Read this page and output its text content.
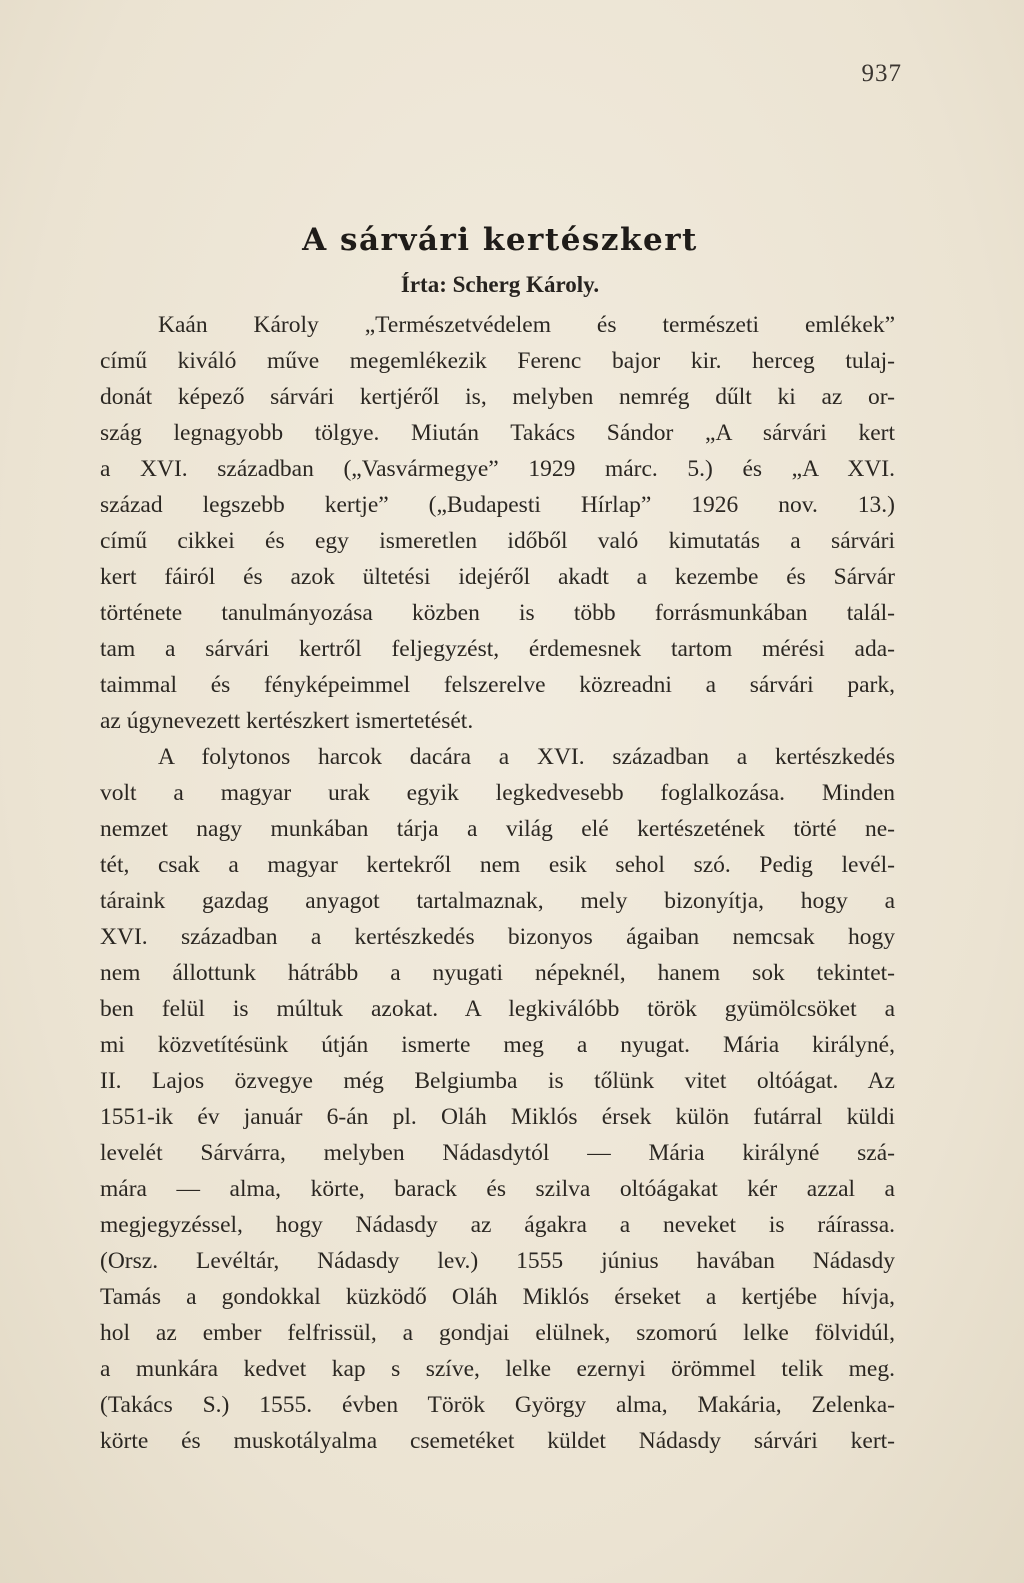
937
A sárvári kertészkert
Írta: Scherg Károly.
Kaán Károly „Természetvédelem és természeti emlékek”
című kiváló műve megemlékezik Ferenc bajor kir. herceg tulaj-
donát képező sárvári kertjéről is, melyben nemrég dűlt ki az or-
szág legnagyobb tölgye. Miután Takács Sándor „A sárvári kert
a XVI. században („Vasvármegye” 1929 márc. 5.) és „A XVI.
század legszebb kertje” („Budapesti Hírlap” 1926 nov. 13.)
című cikkei és egy ismeretlen időből való kimutatás a sárvári
kert fáiról és azok ültetési idejéről akadt a kezembe és Sárvár
története tanulmányozása közben is több forrásmunkában talál-
tam a sárvári kertről feljegyzést, érdemesnek tartom mérési ada-
taimmal és fényképeimmel felszerelve közreadni a sárvári park,
az úgynevezett kertészkert ismertetését.
A folytonos harcok dacára a XVI. században a kertészkedés
volt a magyar urak egyik legkedvesebb foglalkozása. Minden
nemzet nagy munkában tárja a világ elé kertészetének törté ne-
tét, csak a magyar kertekről nem esik sehol szó. Pedig levél-
táraink gazdag anyagot tartalmaznak, mely bizonyítja, hogy a
XVI. században a kertészkedés bizonyos ágaiban nemcsak hogy
nem állottunk hátrább a nyugati népeknél, hanem sok tekintet-
ben felül is múltuk azokat. A legkiválóbb török gyümölcsöket a
mi közvetítésünk útján ismerte meg a nyugat. Mária királyné,
II. Lajos özvegye még Belgiumba is tőlünk vitet oltóágat. Az
1551-ik év január 6-án pl. Oláh Miklós érsek külön futárral küldi
levelét Sárvárra, melyben Nádasdytól — Mária királyné szá-
mára — alma, körte, barack és szilva oltóágakat kér azzal a
megjegyzéssel, hogy Nádasdy az ágakra a neveket is ráírassa.
(Orsz. Levéltár, Nádasdy lev.) 1555 június havában Nádasdy
Tamás a gondokkal küzködő Oláh Miklós érseket a kertjébe hívja,
hol az ember felfrissül, a gondjai elülnek, szomorú lelke fölvidúl,
a munkára kedvet kap s szíve, lelke ezernyi örömmel telik meg.
(Takács S.) 1555. évben Török György alma, Makária, Zelenka-
körte és muskotályalma csemetéket küldet Nádasdy sárvári kert-
